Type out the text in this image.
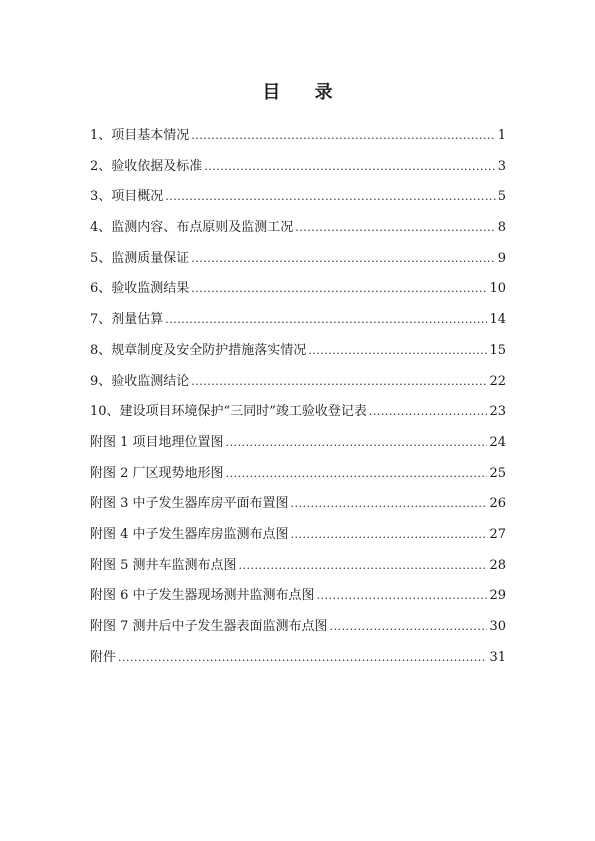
目 录
1、项目基本情况 .....	1
2、验收依据及标准 .....	3
3、项目概况 .....	5
4、监测内容、布点原则及监测工况 .....	8
5、监测质量保证 .....	9
6、验收监测结果 .....	10
7、剂量估算 .....	14
8、规章制度及安全防护措施落实情况 .....	15
9、验收监测结论 .....	22
10、建设项目环境保护“三同时”竣工验收登记表 .....	23
附图 1 项目地理位置图 .....	24
附图 2 厂区现势地形图 .....	25
附图 3 中子发生器库房平面布置图 .....	26
附图 4 中子发生器库房监测布点图 .....	27
附图 5 测井车监测布点图 .....	28
附图 6 中子发生器现场测井监测布点图 .....	29
附图 7 测井后中子发生器表面监测布点图 .....	30
附件 .....	31
